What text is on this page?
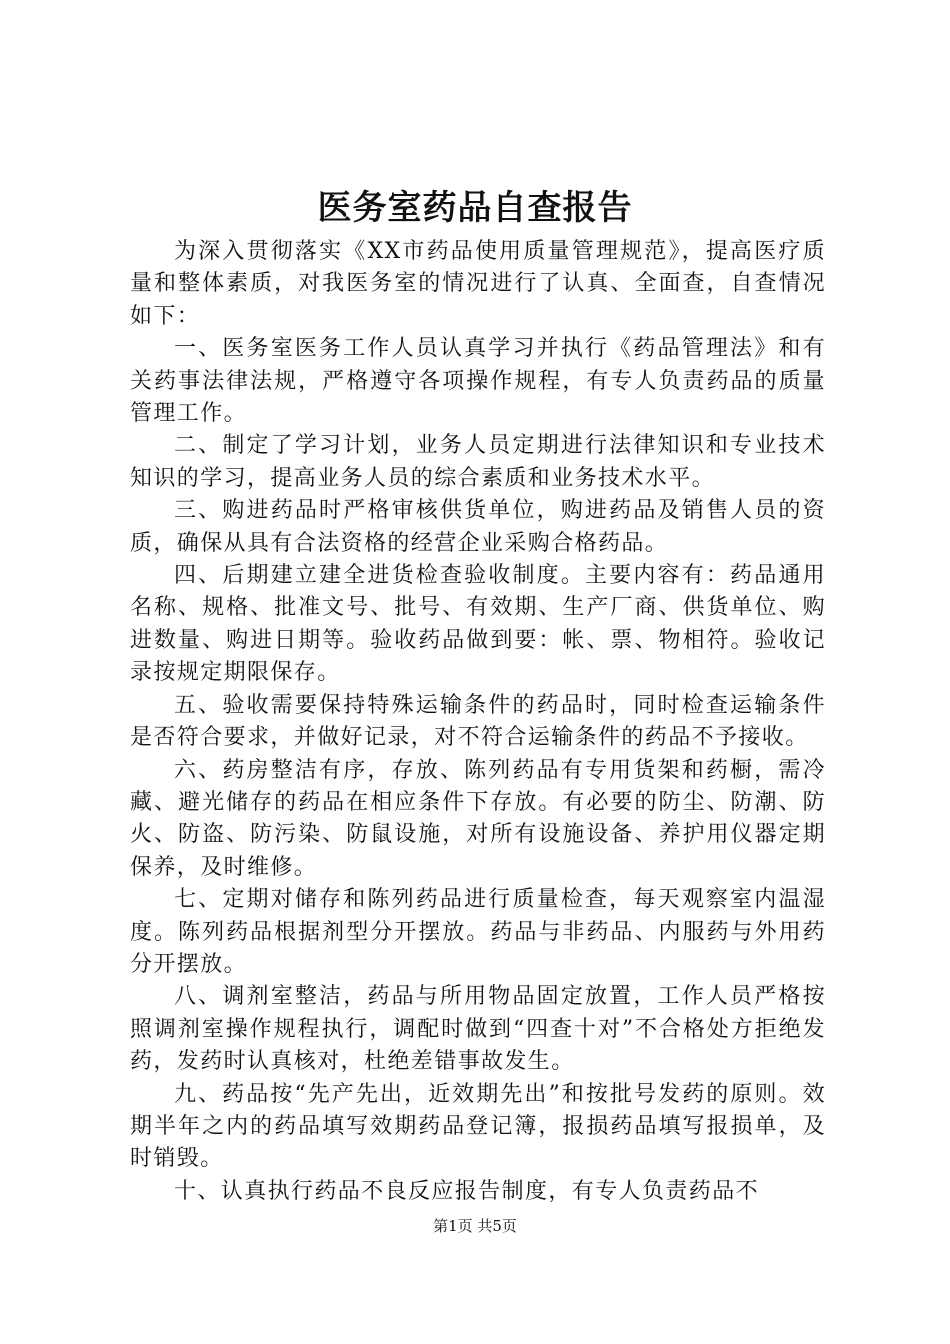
医务室药品自查报告

为深入贯彻落实《XX市药品使用质量管理规范》，提高医疗质量和整体素质，对我医务室的情况进行了认真、全面查，自查情况如下：

一、医务室医务工作人员认真学习并执行《药品管理法》和有关药事法律法规，严格遵守各项操作规程，有专人负责药品的质量管理工作。

二、制定了学习计划，业务人员定期进行法律知识和专业技术知识的学习，提高业务人员的综合素质和业务技术水平。

三、购进药品时严格审核供货单位，购进药品及销售人员的资质，确保从具有合法资格的经营企业采购合格药品。

四、后期建立建全进货检查验收制度。主要内容有：药品通用名称、规格、批准文号、批号、有效期、生产厂商、供货单位、购进数量、购进日期等。验收药品做到要：帐、票、物相符。验收记录按规定期限保存。

五、验收需要保持特殊运输条件的药品时，同时检查运输条件是否符合要求，并做好记录，对不符合运输条件的药品不予接收。

六、药房整洁有序，存放、陈列药品有专用货架和药橱，需冷藏、避光储存的药品在相应条件下存放。有必要的防尘、防潮、防火、防盗、防污染、防鼠设施，对所有设施设备、养护用仪器定期保养，及时维修。

七、定期对储存和陈列药品进行质量检查，每天观察室内温湿度。陈列药品根据剂型分开摆放。药品与非药品、内服药与外用药分开摆放。

八、调剂室整洁，药品与所用物品固定放置，工作人员严格按照调剂室操作规程执行，调配时做到“四查十对”不合格处方拒绝发药，发药时认真核对，杜绝差错事故发生。

九、药品按“先产先出，近效期先出”和按批号发药的原则。效期半年之内的药品填写效期药品登记簿，报损药品填写报损单，及时销毁。

十、认真执行药品不良反应报告制度，有专人负责药品不

第1页 共5页
